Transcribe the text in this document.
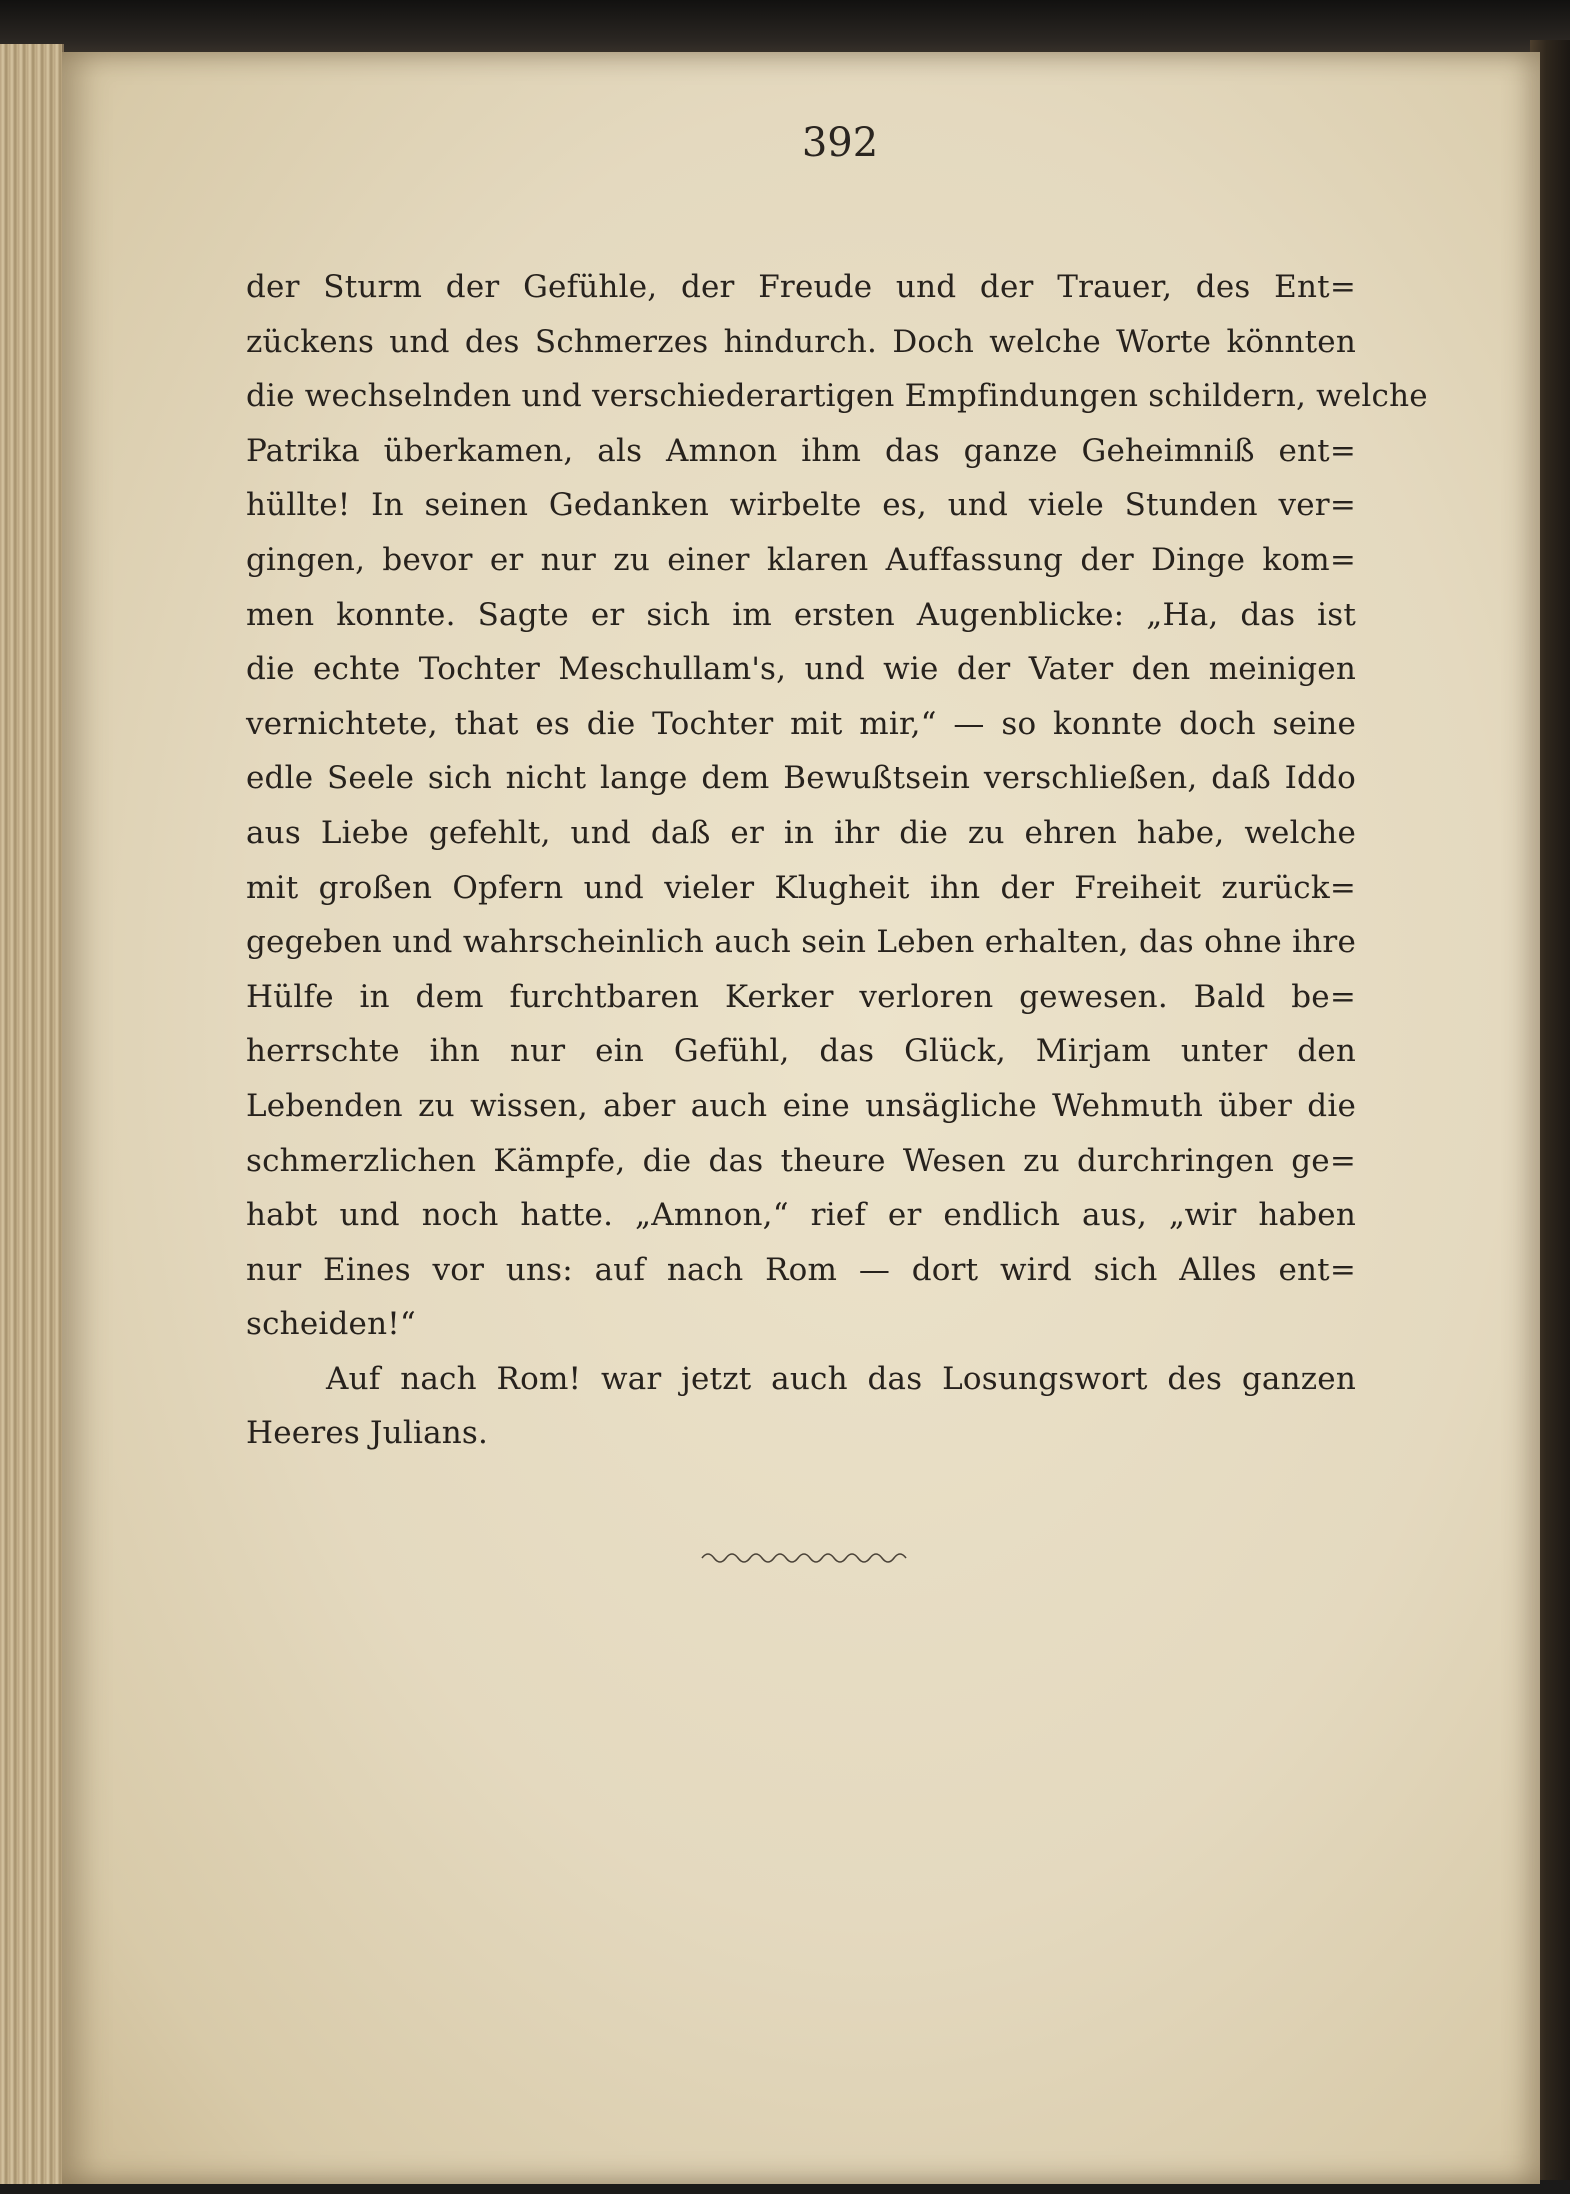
392
der Sturm der Gefühle, der Freude und der Trauer, des Ent=
zückens und des Schmerzes hindurch. Doch welche Worte könnten
die wechselnden und verschiederartigen Empfindungen schildern, welche
Patrika überkamen, als Amnon ihm das ganze Geheimniß ent=
hüllte! In seinen Gedanken wirbelte es, und viele Stunden ver=
gingen, bevor er nur zu einer klaren Auffassung der Dinge kom=
men konnte. Sagte er sich im ersten Augenblicke: „Ha, das ist
die echte Tochter Meschullam's, und wie der Vater den meinigen
vernichtete, that es die Tochter mit mir,“ — so konnte doch seine
edle Seele sich nicht lange dem Bewußtsein verschließen, daß Iddo
aus Liebe gefehlt, und daß er in ihr die zu ehren habe, welche
mit großen Opfern und vieler Klugheit ihn der Freiheit zurück=
gegeben und wahrscheinlich auch sein Leben erhalten, das ohne ihre
Hülfe in dem furchtbaren Kerker verloren gewesen. Bald be=
herrschte ihn nur ein Gefühl, das Glück, Mirjam unter den
Lebenden zu wissen, aber auch eine unsägliche Wehmuth über die
schmerzlichen Kämpfe, die das theure Wesen zu durchringen ge=
habt und noch hatte. „Amnon,“ rief er endlich aus, „wir haben
nur Eines vor uns: auf nach Rom — dort wird sich Alles ent=
scheiden!“
Auf nach Rom! war jetzt auch das Losungswort des ganzen
Heeres Julians.
